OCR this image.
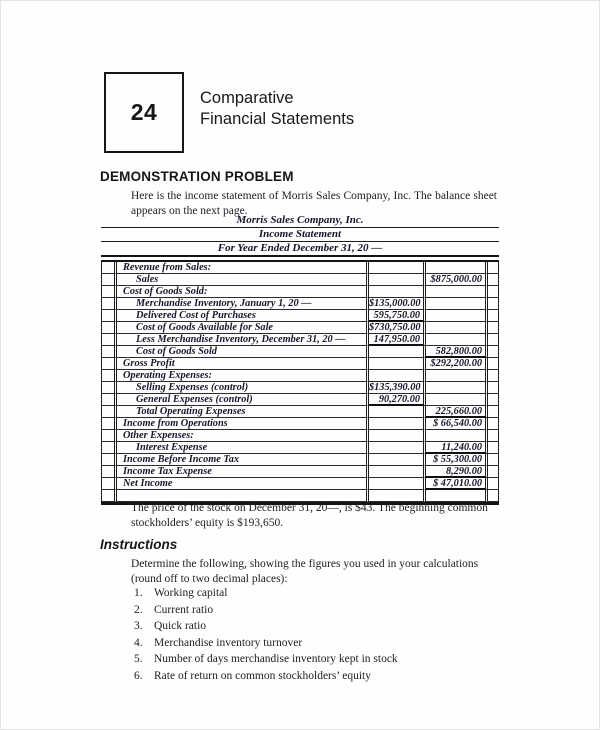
24
Comparative
Financial Statements
DEMONSTRATION PROBLEM
Here is the income statement of Morris Sales Company, Inc. The balance sheet appears on the next page.
Morris Sales Company, Inc.
Income Statement
For Year Ended December 31, 20 —
Revenue from Sales:
Sales	$875,000.00
Cost of Goods Sold:
Merchandise Inventory, January 1, 20 —	$135,000.00
Delivered Cost of Purchases	595,750.00
Cost of Goods Available for Sale	$730,750.00
Less Merchandise Inventory, December 31, 20 —	147,950.00
Cost of Goods Sold	582,800.00
Gross Profit	$292,200.00
Operating Expenses:
Selling Expenses (control)	$135,390.00
General Expenses (control)	90,270.00
Total Operating Expenses	225,660.00
Income from Operations	$ 66,540.00
Other Expenses:
Interest Expense	11,240.00
Income Before Income Tax	$ 55,300.00
Income Tax Expense	8,290.00
Net Income	$ 47,010.00
The price of the stock on December 31, 20—, is $43. The beginning common stockholders’ equity is $193,650.
Instructions
Determine the following, showing the figures you used in your calculations (round off to two decimal places):
1. Working capital
2. Current ratio
3. Quick ratio
4. Merchandise inventory turnover
5. Number of days merchandise inventory kept in stock
6. Rate of return on common stockholders’ equity
